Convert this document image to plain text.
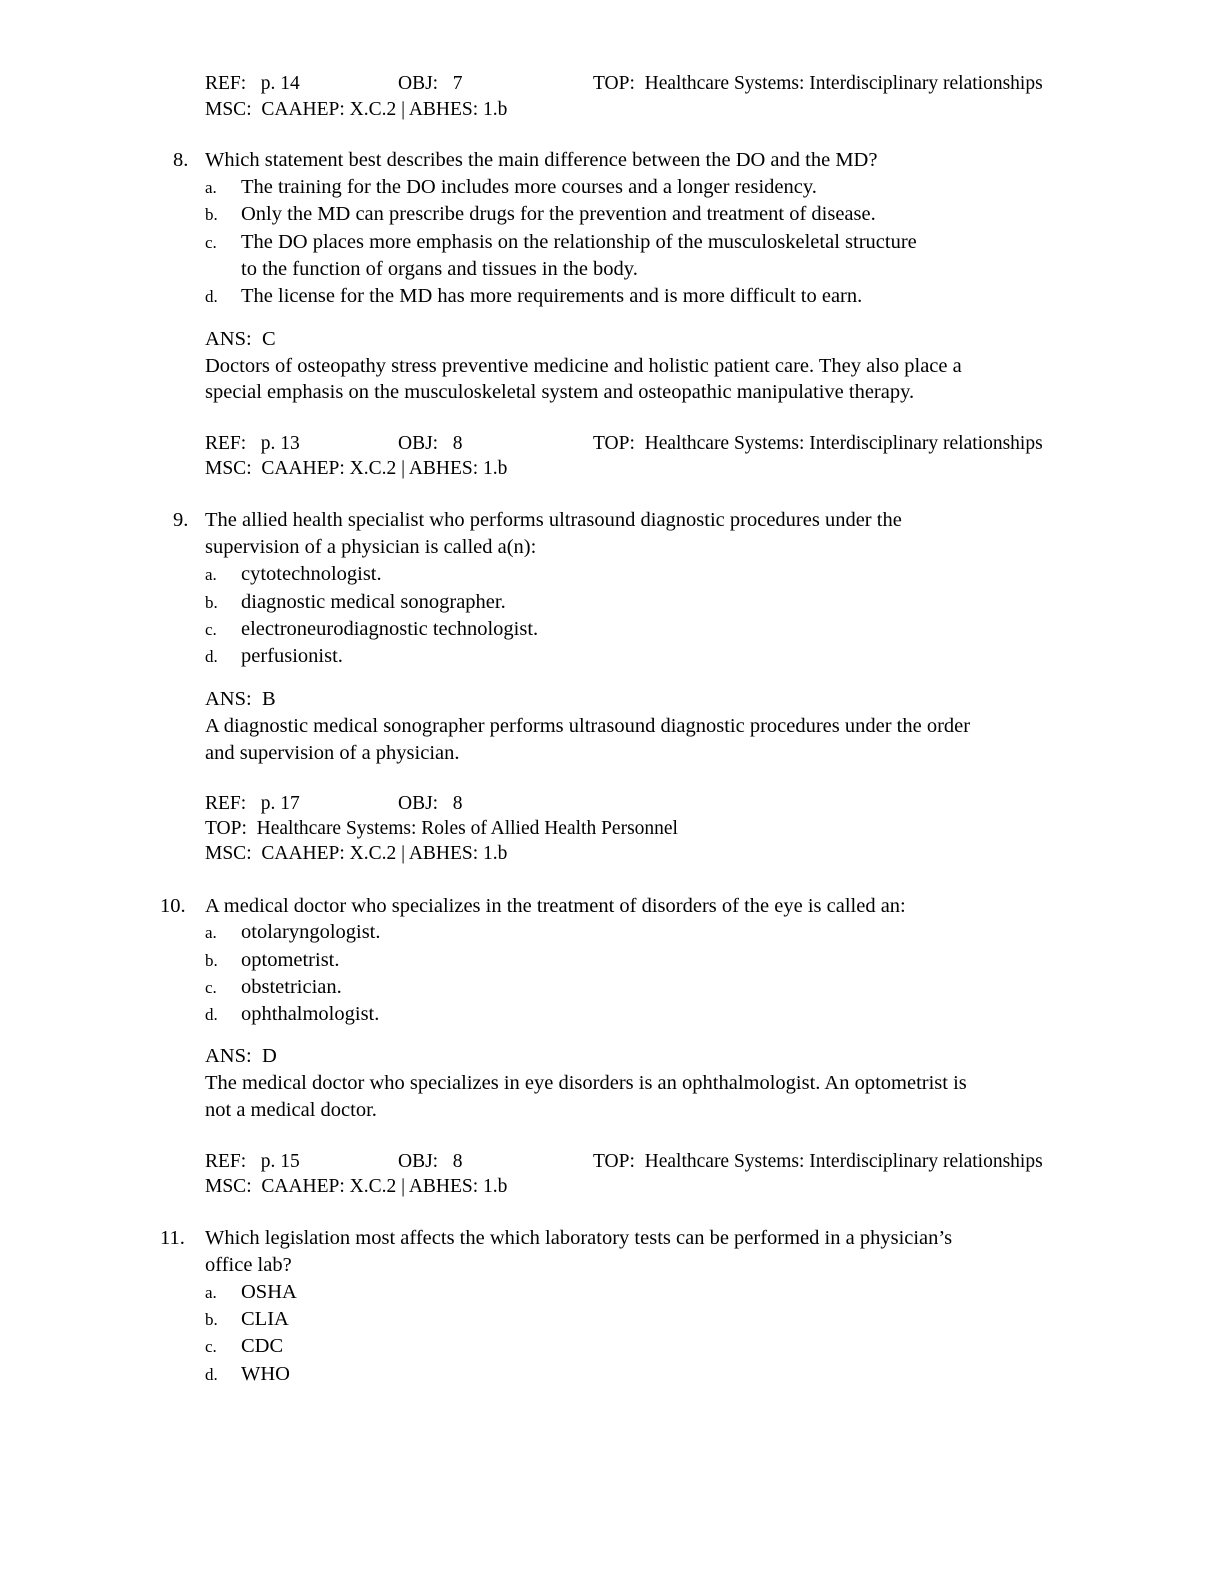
REF:   p. 14	OBJ:   7	TOP:  Healthcare Systems: Interdisciplinary relationships
MSC:  CAAHEP: X.C.2 | ABHES: 1.b
8. Which statement best describes the main difference between the DO and the MD?
a. The training for the DO includes more courses and a longer residency.
b. Only the MD can prescribe drugs for the prevention and treatment of disease.
c. The DO places more emphasis on the relationship of the musculoskeletal structure
to the function of organs and tissues in the body.
d. The license for the MD has more requirements and is more difficult to earn.
ANS:  C
Doctors of osteopathy stress preventive medicine and holistic patient care. They also place a
special emphasis on the musculoskeletal system and osteopathic manipulative therapy.
REF:   p. 13	OBJ:   8	TOP:  Healthcare Systems: Interdisciplinary relationships
MSC:  CAAHEP: X.C.2 | ABHES: 1.b
9. The allied health specialist who performs ultrasound diagnostic procedures under the
supervision of a physician is called a(n):
a. cytotechnologist.
b. diagnostic medical sonographer.
c. electroneurodiagnostic technologist.
d. perfusionist.
ANS:  B
A diagnostic medical sonographer performs ultrasound diagnostic procedures under the order
and supervision of a physician.
REF:   p. 17	OBJ:   8
TOP:  Healthcare Systems: Roles of Allied Health Personnel
MSC:  CAAHEP: X.C.2 | ABHES: 1.b
10. A medical doctor who specializes in the treatment of disorders of the eye is called an:
a. otolaryngologist.
b. optometrist.
c. obstetrician.
d. ophthalmologist.
ANS:  D
The medical doctor who specializes in eye disorders is an ophthalmologist. An optometrist is
not a medical doctor.
REF:   p. 15	OBJ:   8	TOP:  Healthcare Systems: Interdisciplinary relationships
MSC:  CAAHEP: X.C.2 | ABHES: 1.b
11. Which legislation most affects the which laboratory tests can be performed in a physician’s
office lab?
a. OSHA
b. CLIA
c. CDC
d. WHO
